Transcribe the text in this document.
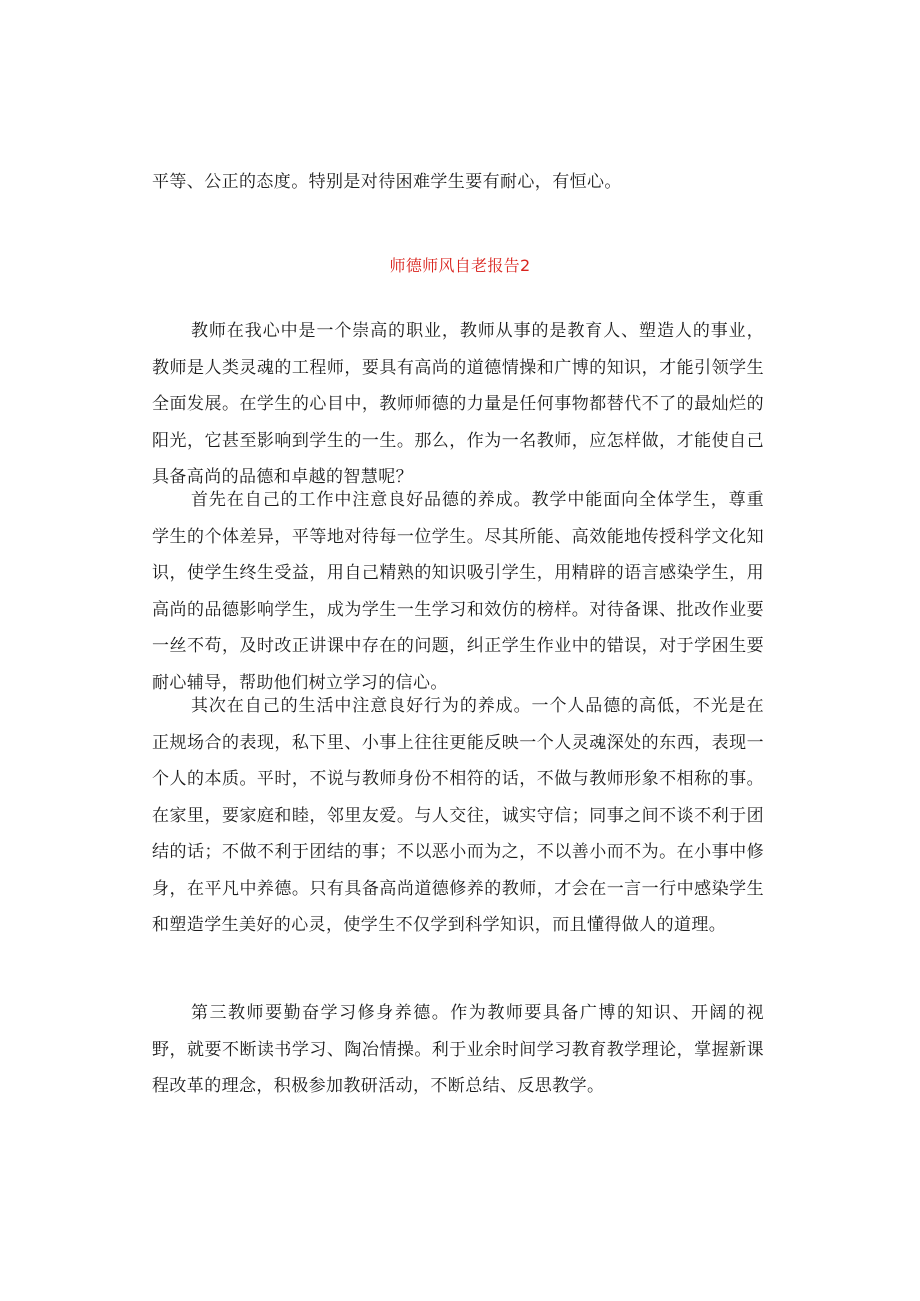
平等、公正的态度。特别是对待困难学生要有耐心，有恒心。

师德师风自老报告2

教师在我心中是一个崇高的职业，教师从事的是教育人、塑造人的事业，教师是人类灵魂的工程师，要具有高尚的道德情操和广博的知识，才能引领学生全面发展。在学生的心目中，教师师德的力量是任何事物都替代不了的最灿烂的阳光，它甚至影响到学生的一生。那么，作为一名教师，应怎样做，才能使自己具备高尚的品德和卓越的智慧呢？

首先在自己的工作中注意良好品德的养成。教学中能面向全体学生，尊重学生的个体差异，平等地对待每一位学生。尽其所能、高效能地传授科学文化知识，使学生终生受益，用自己精熟的知识吸引学生，用精辟的语言感染学生，用高尚的品德影响学生，成为学生一生学习和效仿的榜样。对待备课、批改作业要一丝不苟，及时改正讲课中存在的问题，纠正学生作业中的错误，对于学困生要耐心辅导，帮助他们树立学习的信心。

其次在自己的生活中注意良好行为的养成。一个人品德的高低，不光是在正规场合的表现，私下里、小事上往往更能反映一个人灵魂深处的东西，表现一个人的本质。平时，不说与教师身份不相符的话，不做与教师形象不相称的事。在家里，要家庭和睦，邻里友爱。与人交往，诚实守信；同事之间不谈不利于团结的话；不做不利于团结的事；不以恶小而为之，不以善小而不为。在小事中修身，在平凡中养德。只有具备高尚道德修养的教师，才会在一言一行中感染学生和塑造学生美好的心灵，使学生不仅学到科学知识，而且懂得做人的道理。

第三教师要勤奋学习修身养德。作为教师要具备广博的知识、开阔的视野，就要不断读书学习、陶冶情操。利于业余时间学习教育教学理论，掌握新课程改革的理念，积极参加教研活动，不断总结、反思教学。
